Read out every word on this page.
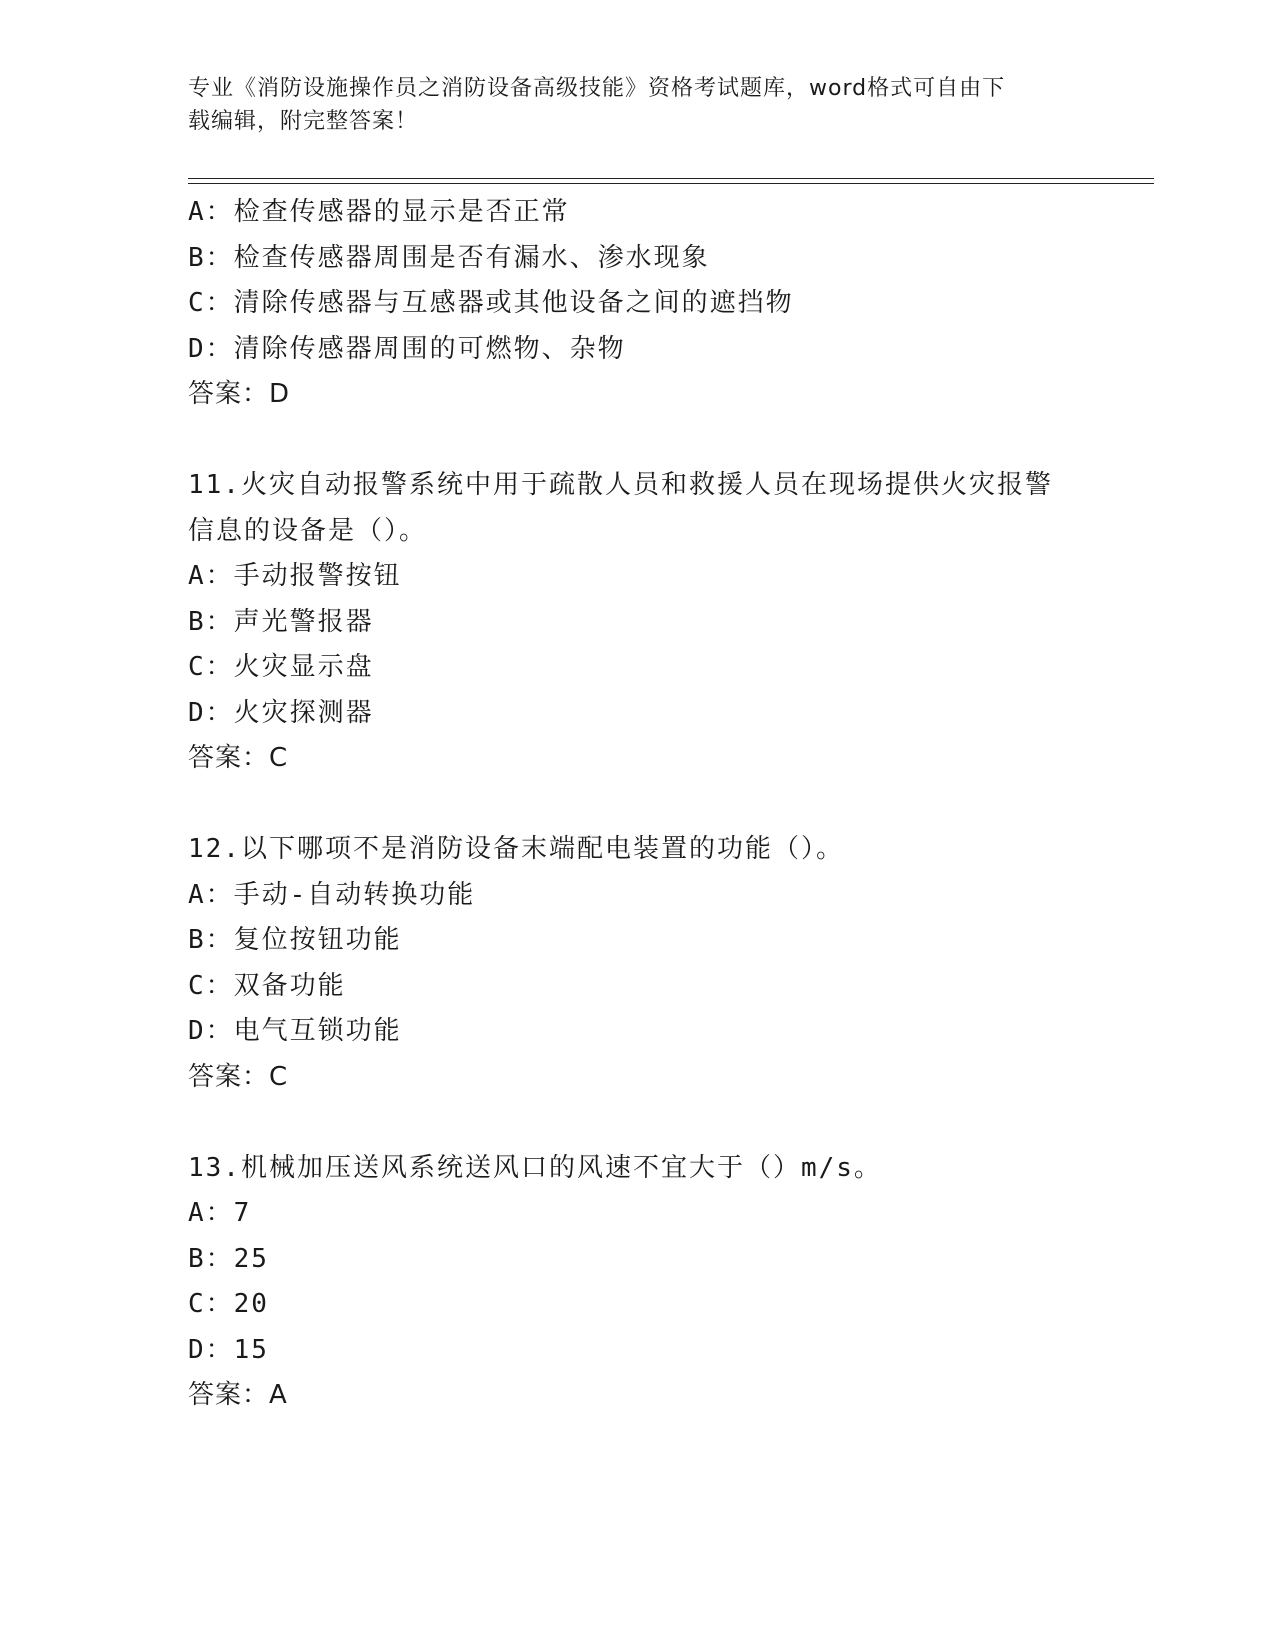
专业《消防设施操作员之消防设备高级技能》资格考试题库，word格式可自由下
载编辑，附完整答案！
A：检查传感器的显示是否正常
B：检查传感器周围是否有漏水、渗水现象
C：清除传感器与互感器或其他设备之间的遮挡物
D：清除传感器周围的可燃物、杂物
答案：D
11.火灾自动报警系统中用于疏散人员和救援人员在现场提供火灾报警
信息的设备是（）。
A：手动报警按钮
B：声光警报器
C：火灾显示盘
D：火灾探测器
答案：C
12.以下哪项不是消防设备末端配电装置的功能（）。
A：手动-自动转换功能
B：复位按钮功能
C：双备功能
D：电气互锁功能
答案：C
13.机械加压送风系统送风口的风速不宜大于（）m/s。
A：7
B：25
C：20
D：15
答案：A
